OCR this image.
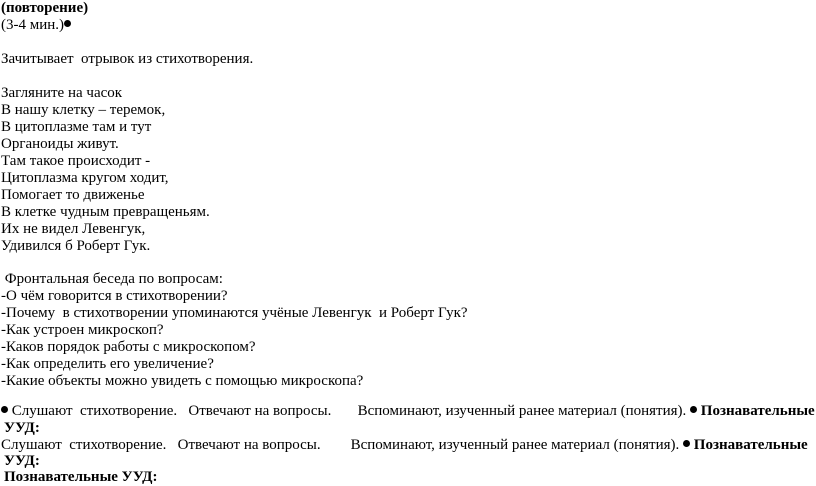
(повторение)
(3-4 мин.)
Зачитывает  отрывок из стихотворения.
Загляните на часок
В нашу клетку – теремок,
В цитоплазме там и тут
Органоиды живут.
Там такое происходит -
Цитоплазма кругом ходит,
Помогает то движенье
В клетке чудным превращеньям.
Их не видел Левенгук,
Удивился б Роберт Гук.
Фронтальная беседа по вопросам:
-О чём говорится в стихотворении?
-Почему  в стихотворении упоминаются учёные Левенгук  и Роберт Гук?
-Как устроен микроскоп?
-Каков порядок работы с микроскопом?
-Как определить его увеличение?
-Какие объекты можно увидеть с помощью микроскопа?
Слушают  стихотворение.   Отвечают на вопросы.       Вспоминают, изученный ранее материал (понятия).  Познавательные
УУД:
Слушают  стихотворение.   Отвечают на вопросы.        Вспоминают, изученный ранее материал (понятия).  Познавательные
УУД:
Познавательные УУД:
